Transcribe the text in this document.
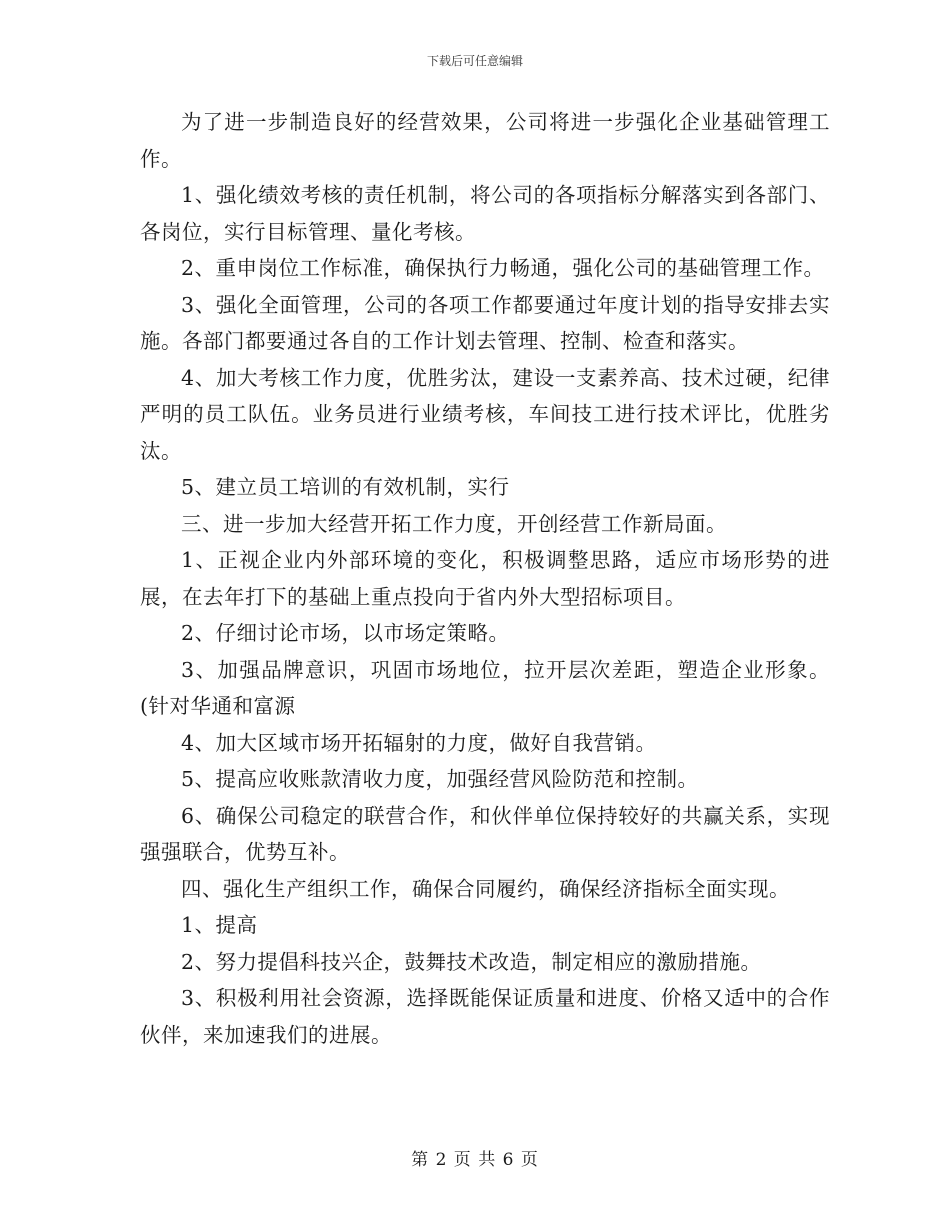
下载后可任意编辑

为了进一步制造良好的经营效果，公司将进一步强化企业基础管理工作。

1、强化绩效考核的责任机制，将公司的各项指标分解落实到各部门、各岗位，实行目标管理、量化考核。

2、重申岗位工作标准，确保执行力畅通，强化公司的基础管理工作。

3、强化全面管理，公司的各项工作都要通过年度计划的指导安排去实施。各部门都要通过各自的工作计划去管理、控制、检查和落实。

4、加大考核工作力度，优胜劣汰，建设一支素养高、技术过硬，纪律严明的员工队伍。业务员进行业绩考核，车间技工进行技术评比，优胜劣汰。

5、建立员工培训的有效机制，实行

三、进一步加大经营开拓工作力度，开创经营工作新局面。

1、正视企业内外部环境的变化，积极调整思路，适应市场形势的进展，在去年打下的基础上重点投向于省内外大型招标项目。

2、仔细讨论市场，以市场定策略。

3、加强品牌意识，巩固市场地位，拉开层次差距，塑造企业形象。(针对华通和富源

4、加大区域市场开拓辐射的力度，做好自我营销。

5、提高应收账款清收力度，加强经营风险防范和控制。

6、确保公司稳定的联营合作，和伙伴单位保持较好的共赢关系，实现强强联合，优势互补。

四、强化生产组织工作，确保合同履约，确保经济指标全面实现。

1、提高

2、努力提倡科技兴企，鼓舞技术改造，制定相应的激励措施。

3、积极利用社会资源，选择既能保证质量和进度、价格又适中的合作伙伴，来加速我们的进展。

第 2 页 共 6 页
